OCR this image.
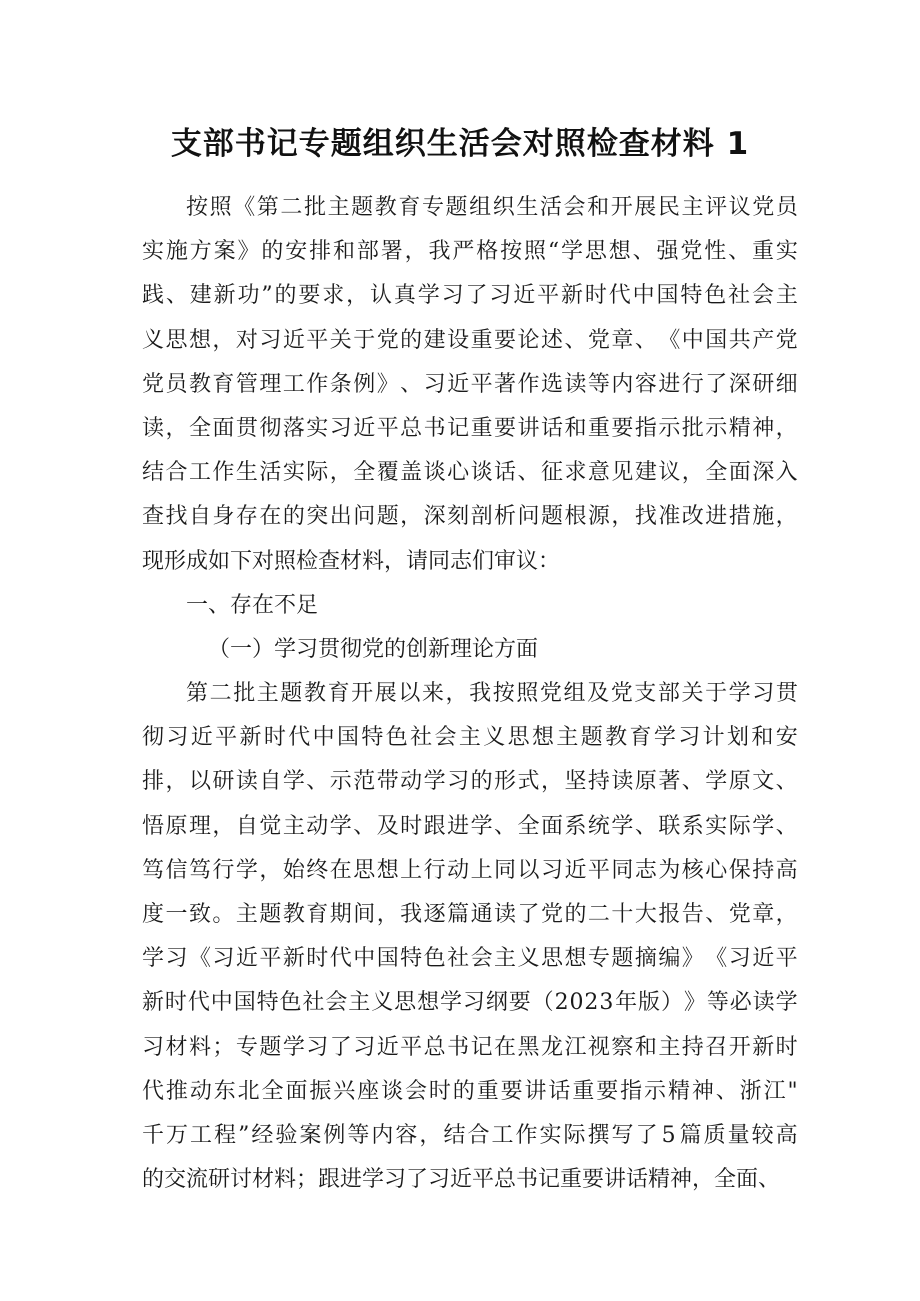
支部书记专题组织生活会对照检查材料 1
按 照 《 第 二 批 主 题 教 育 专 题 组 织 生 活 会 和 开 展 民 主 评 议 党 员
实 施 方 案 》 的 安 排 和 部 署 ， 我 严 格 按 照 “ 学 思 想 、 强 党 性 、 重 实
践 、 建 新 功 ” 的 要 求 ， 认 真 学 习 了 习 近 平 新 时 代 中 国 特 色 社 会 主
义 思 想 ， 对 习 近 平 关 于 党 的 建 设 重 要 论 述 、 党 章 、 《 中 国 共 产 党
党 员 教 育 管 理 工 作 条 例 》 、 习 近 平 著 作 选 读 等 内 容 进 行 了 深 研 细
读 ， 全 面 贯 彻 落 实 习 近 平 总 书 记 重 要 讲 话 和 重 要 指 示 批 示 精 神 ，
结 合 工 作 生 活 实 际 ， 全 覆 盖 谈 心 谈 话 、 征 求 意 见 建 议 ， 全 面 深 入
查 找 自 身 存 在 的 突 出 问 题 ， 深 刻 剖 析 问 题 根 源 ， 找 准 改 进 措 施 ，
现形成如下对照检查材料，请同志们审议：
一、存在不足
（一）学习贯彻党的创新理论方面
第 二 批 主 题 教 育 开 展 以 来 ， 我 按 照 党 组 及 党 支 部 关 于 学 习 贯
彻 习 近 平 新 时 代 中 国 特 色 社 会 主 义 思 想 主 题 教 育 学 习 计 划 和 安
排 ， 以 研 读 自 学 、 示 范 带 动 学 习 的 形 式 ， 坚 持 读 原 著 、 学 原 文 、
悟 原 理 ， 自 觉 主 动 学 、 及 时 跟 进 学 、 全 面 系 统 学 、 联 系 实 际 学 、
笃 信 笃 行 学 ， 始 终 在 思 想 上 行 动 上 同 以 习 近 平 同 志 为 核 心 保 持 高
度 一 致 。 主 题 教 育 期 间 ， 我 逐 篇 通 读 了 党 的 二 十 大 报 告 、 党 章 ，
学 习 《 习 近 平 新 时 代 中 国 特 色 社 会 主 义 思 想 专 题 摘 编 》 《 习 近 平
新 时 代 中 国 特 色 社 会 主 义 思 想 学 习 纲 要 （ 2 0 2 3 年 版 ） 》 等 必 读 学
习 材 料 ； 专 题 学 习 了 习 近 平 总 书 记 在 黑 龙 江 视 察 和 主 持 召 开 新 时
代 推 动 东 北 全 面 振 兴 座 谈 会 时 的 重 要 讲 话 重 要 指 示 精 神 、 浙 江 "
千 万 工 程 ” 经 验 案 例 等 内 容 ， 结 合 工 作 实 际 撰 写 了 5 篇 质 量 较 高
的交流研讨材料；跟进学习了习近平总书记重要讲话精神，全面、
